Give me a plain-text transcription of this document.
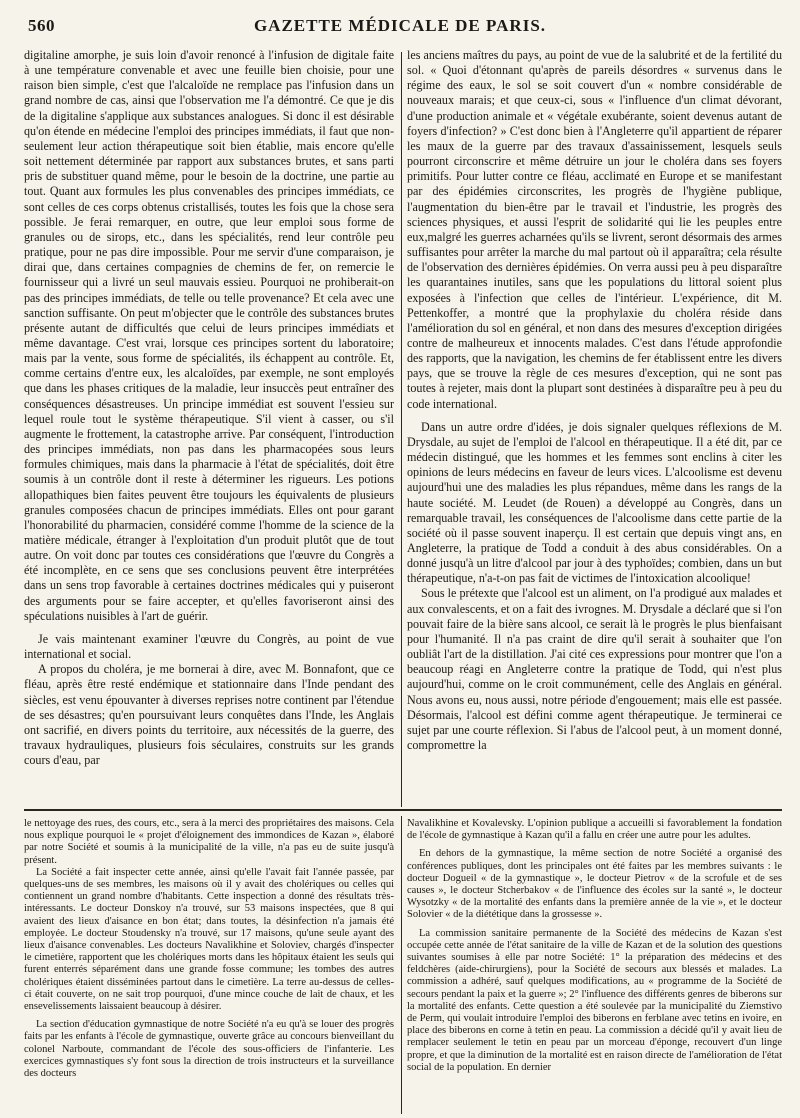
560	GAZETTE MÉDICALE DE PARIS.

digitaline amorphe, je suis loin d'avoir renoncé à l'infusion de digitale faite à une température convenable et avec une feuille bien choisie, pour une raison bien simple, c'est que l'alcaloïde ne remplace pas l'infusion dans un grand nombre de cas, ainsi que l'observation me l'a démontré. Ce que je dis de la digitaline s'applique aux substances analogues. Si donc il est désirable qu'on étende en médecine l'emploi des principes immédiats, il faut que non-seulement leur action thérapeutique soit bien établie, mais encore qu'elle soit nettement déterminée par rapport aux substances brutes, et sans parti pris de substituer quand même, pour le besoin de la doctrine, une partie au tout. Quant aux formules les plus convenables des principes immédiats, ce sont celles de ces corps obtenus cristallisés, toutes les fois que la chose sera possible. Je ferai remarquer, en outre, que leur emploi sous forme de granules ou de sirops, etc., dans les spécialités, rend leur contrôle peu pratique, pour ne pas dire impossible. Pour me servir d'une comparaison, je dirai que, dans certaines compagnies de chemins de fer, on remercie le fournisseur qui a livré un seul mauvais essieu. Pourquoi ne prohiberait-on pas des principes immédiats, de telle ou telle provenance? Et cela avec une sanction suffisante. On peut m'objecter que le contrôle des substances brutes présente autant de difficultés que celui de leurs principes immédiats et même davantage. C'est vrai, lorsque ces principes sortent du laboratoire; mais par la vente, sous forme de spécialités, ils échappent au contrôle. Et, comme certains d'entre eux, les alcaloïdes, par exemple, ne sont employés que dans les phases critiques de la maladie, leur insuccès peut entraîner des conséquences désastreuses. Un principe immédiat est souvent l'essieu sur lequel roule tout le système thérapeutique. S'il vient à casser, ou s'il augmente le frottement, la catastrophe arrive. Par conséquent, l'introduction des principes immédiats, non pas dans les pharmacopées sous leurs formules chimiques, mais dans la pharmacie à l'état de spécialités, doit être soumis à un contrôle dont il reste à déterminer les rigueurs. Les potions allopathiques bien faites peuvent être toujours les équivalents de plusieurs granules composées chacun de principes immédiats. Elles ont pour garant l'honorabilité du pharmacien, considéré comme l'homme de la science de la matière médicale, étranger à l'exploitation d'un produit plutôt que de tout autre. On voit donc par toutes ces considérations que l'œuvre du Congrès a été incomplète, en ce sens que ses conclusions peuvent être interprétées dans un sens trop favorable à certaines doctrines médicales qui y puiseront des arguments pour se faire accepter, et qu'elles favoriseront ainsi des spéculations nuisibles à l'art de guérir.

Je vais maintenant examiner l'œuvre du Congrès, au point de vue international et social.

A propos du choléra, je me bornerai à dire, avec M. Bonnafont, que ce fléau, après être resté endémique et stationnaire dans l'Inde pendant des siècles, est venu épouvanter à diverses reprises notre continent par l'étendue de ses désastres; qu'en poursuivant leurs conquêtes dans l'Inde, les Anglais ont sacrifié, en divers points du territoire, aux nécessités de la guerre, des travaux hydrauliques, plusieurs fois séculaires, construits sur les grands cours d'eau, par

les anciens maîtres du pays, au point de vue de la salubrité et de la fertilité du sol. « Quoi d'étonnant qu'après de pareils désordres « survenus dans le régime des eaux, le sol se soit couvert d'un « nombre considérable de nouveaux marais; et que ceux-ci, sous « l'influence d'un climat dévorant, d'une production animale et « végétale exubérante, soient devenus autant de foyers d'infection? » C'est donc bien à l'Angleterre qu'il appartient de réparer les maux de la guerre par des travaux d'assainissement, lesquels seuls pourront circonscrire et même détruire un jour le choléra dans ses foyers primitifs. Pour lutter contre ce fléau, acclimaté en Europe et se manifestant par des épidémies circonscrites, les progrès de l'hygiène publique, l'augmentation du bien-être par le travail et l'industrie, les progrès des sciences physiques, et aussi l'esprit de solidarité qui lie les peuples entre eux,malgré les guerres acharnées qu'ils se livrent, seront désormais des armes suffisantes pour arrêter la marche du mal partout où il apparaîtra; cela résulte de l'observation des dernières épidémies. On verra aussi peu à peu disparaître les quarantaines inutiles, sans que les populations du littoral soient plus exposées à l'infection que celles de l'intérieur. L'expérience, dit M. Pettenkoffer, a montré que la prophylaxie du choléra réside dans l'amélioration du sol en général, et non dans des mesures d'exception dirigées contre de malheureux et innocents malades. C'est dans l'étude approfondie des rapports, que la navigation, les chemins de fer établissent entre les divers pays, que se trouve la règle de ces mesures d'exception, qui ne sont pas toutes à rejeter, mais dont la plupart sont destinées à disparaître peu à peu du code international.

Dans un autre ordre d'idées, je dois signaler quelques réflexions de M. Drysdale, au sujet de l'emploi de l'alcool en thérapeutique. Il a été dit, par ce médecin distingué, que les hommes et les femmes sont enclins à citer les opinions de leurs médecins en faveur de leurs vices. L'alcoolisme est devenu aujourd'hui une des maladies les plus répandues, même dans les rangs de la haute société. M. Leudet (de Rouen) a développé au Congrès, dans un remarquable travail, les conséquences de l'alcoolisme dans cette partie de la société où il passe souvent inaperçu. Il est certain que depuis vingt ans, en Angleterre, la pratique de Todd a conduit à des abus considérables. On a donné jusqu'à un litre d'alcool par jour à des typhoïdes; combien, dans un but thérapeutique, n'a-t-on pas fait de victimes de l'intoxication alcoolique!

Sous le prétexte que l'alcool est un aliment, on l'a prodigué aux malades et aux convalescents, et on a fait des ivrognes. M. Drysdale a déclaré que si l'on pouvait faire de la bière sans alcool, ce serait là le progrès le plus bienfaisant pour l'humanité. Il n'a pas craint de dire qu'il serait à souhaiter que l'on oubliât l'art de la distillation. J'ai cité ces expressions pour montrer que l'on a beaucoup réagi en Angleterre contre la pratique de Todd, qui n'est plus aujourd'hui, comme on le croit communément, celle des Anglais en général. Nous avons eu, nous aussi, notre période d'engouement; mais elle est passée. Désormais, l'alcool est défini comme agent thérapeutique. Je terminerai ce sujet par une courte réflexion. Si l'abus de l'alcool peut, à un moment donné, compromettre la

le nettoyage des rues, des cours, etc., sera à la merci des propriétaires des maisons. Cela nous explique pourquoi le « projet d'éloignement des immondices de Kazan », élaboré par notre Société et soumis à la municipalité de la ville, n'a pas eu de suite jusqu'à présent.

La Société a fait inspecter cette année, ainsi qu'elle l'avait fait l'année passée, par quelques-uns de ses membres, les maisons où il y avait des cholériques ou celles qui contiennent un grand nombre d'habitants. Cette inspection a donné des résultats très-intéressants. Le docteur Donskoy n'a trouvé, sur 53 maisons inspectées, que 8 qui avaient des lieux d'aisance en bon état; dans toutes, la désinfection n'a jamais été employée. Le docteur Stoudensky n'a trouvé, sur 17 maisons, qu'une seule ayant des lieux d'aisance convenables. Les docteurs Navalikhine et Soloviev, chargés d'inspecter le cimetière, rapportent que les cholériques morts dans les hôpitaux étaient les seuls qui furent enterrés séparément dans une grande fosse commune; les tombes des autres cholériques étaient disséminées partout dans le cimetière. La terre au-dessus de celles-ci était couverte, on ne sait trop pourquoi, d'une mince couche de lait de chaux, et les ensevelissements laissaient beaucoup à désirer.

La section d'éducation gymnastique de notre Société n'a eu qu'à se louer des progrès faits par les enfants à l'école de gymnastique, ouverte grâce au concours bienveillant du colonel Narboute, commandant de l'école des sous-officiers de l'infanterie. Les exercices gymnastiques s'y font sous la direction de trois instructeurs et la surveillance des docteurs

Navalikhine et Kovalevsky. L'opinion publique a accueilli si favorablement la fondation de l'école de gymnastique à Kazan qu'il a fallu en créer une autre pour les adultes.

En dehors de la gymnastique, la même section de notre Société a organisé des conférences publiques, dont les principales ont été faites par les membres suivants : le docteur Dogueil « de la gymnastique », le docteur Pietrov « de la scrofule et de ses causes », le docteur Stcherbakov « de l'influence des écoles sur la santé », le docteur Wysotzky « de la mortalité des enfants dans la première année de la vie », et le docteur Solovier « de la diététique dans la grossesse ».

La commission sanitaire permanente de la Société des médecins de Kazan s'est occupée cette année de l'état sanitaire de la ville de Kazan et de la solution des questions suivantes soumises à elle par notre Société: 1° la préparation des médecins et des feldchères (aide-chirurgiens), pour la Société de secours aux blessés et malades. La commission a adhéré, sauf quelques modifications, au « programme de la Société de secours pendant la paix et la guerre »; 2° l'influence des différents genres de biberons sur la mortalité des enfants. Cette question a été soulevée par la municipalité du Ziemstivo de Perm, qui voulait introduire l'emploi des biberons en ferblane avec tetins en ivoire, en place des biberons en corne à tetin en peau. La commission a décidé qu'il y avait lieu de remplacer seulement le tetin en peau par un morceau d'éponge, recouvert d'un linge propre, et que la diminution de la mortalité est en raison directe de l'amélioration de l'état social de la population. En dernier
